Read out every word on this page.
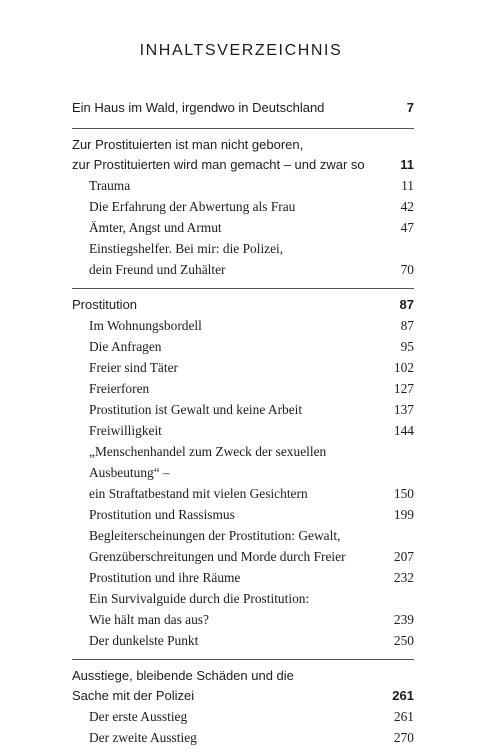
INHALTSVERZEICHNIS
Ein Haus im Wald, irgendwo in Deutschland	7
Zur Prostituierten ist man nicht geboren,
zur Prostituierten wird man gemacht – und zwar so	11
Trauma	11
Die Erfahrung der Abwertung als Frau	42
Ämter, Angst und Armut	47
Einstiegshelfer. Bei mir: die Polizei,
dein Freund und Zuhälter	70
Prostitution	87
Im Wohnungsbordell	87
Die Anfragen	95
Freier sind Täter	102
Freierforen	127
Prostitution ist Gewalt und keine Arbeit	137
Freiwilligkeit	144
„Menschenhandel zum Zweck der sexuellen Ausbeutung“ –
ein Straftatbestand mit vielen Gesichtern	150
Prostitution und Rassismus	199
Begleiterscheinungen der Prostitution: Gewalt,
Grenzüberschreitungen und Morde durch Freier	207
Prostitution und ihre Räume	232
Ein Survivalguide durch die Prostitution:
Wie hält man das aus?	239
Der dunkelste Punkt	250
Ausstiege, bleibende Schäden und die
Sache mit der Polizei	261
Der erste Ausstieg	261
Der zweite Ausstieg	270
